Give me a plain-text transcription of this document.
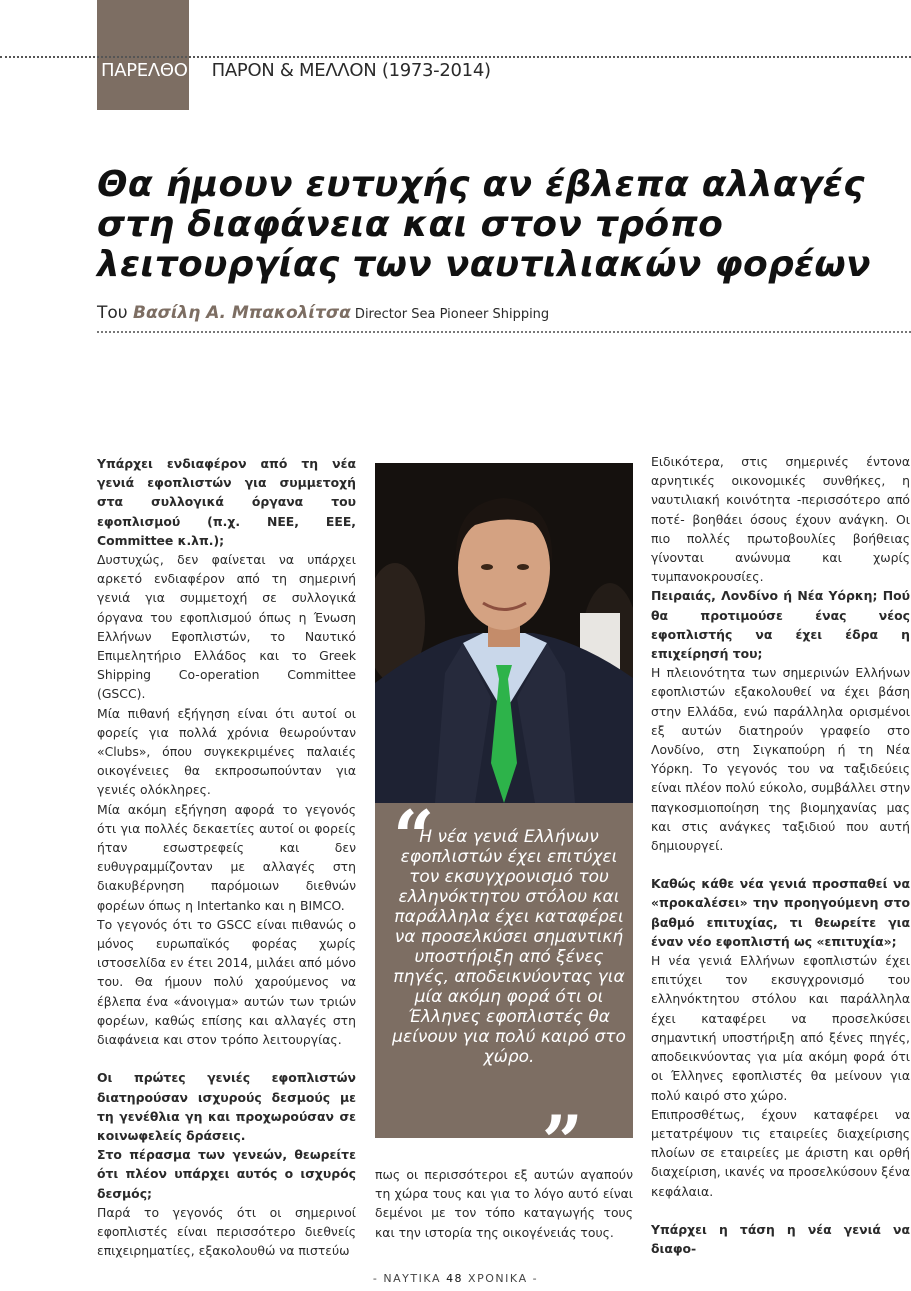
ΠΑΡΕΛΘΟΝ, ΠΑΡΟΝ & ΜΕΛΛΟΝ (1973-2014)
Θα ήμουν ευτυχής αν έβλεπα αλλαγές στη διαφάνεια και στον τρόπο λειτουργίας των ναυτιλιακών φορέων
Του Βασίλη Α. Μπακολίτσα Director Sea Pioneer Shipping

Υπάρχει ενδιαφέρον από τη νέα γενιά εφοπλιστών για συμμετοχή στα συλλογικά όργανα του εφοπλισμού (π.χ. ΝΕΕ, ΕΕΕ, Committee κ.λπ.);

Δυστυχώς, δεν φαίνεται να υπάρχει αρκετό ενδιαφέρον από τη σημερινή γενιά για συμμετοχή σε συλλογικά όργανα του εφοπλισμού όπως η Ένωση Ελλήνων Εφοπλιστών, το Ναυτικό Επιμελητήριο Ελλάδος και το Greek Shipping Co-operation Committee (GSCC).

Μία πιθανή εξήγηση είναι ότι αυτοί οι φορείς για πολλά χρόνια θεωρούνταν «Clubs», όπου συγκεκριμένες παλαιές οικογένειες θα εκπροσωπούνταν για γενιές ολόκληρες.

Μία ακόμη εξήγηση αφορά το γεγονός ότι για πολλές δεκαετίες αυτοί οι φορείς ήταν εσωστρεφείς και δεν ευθυγραμμίζονταν με αλλαγές στη διακυβέρνηση παρόμοιων διεθνών φορέων όπως η Intertanko και η BIMCO.

Το γεγονός ότι το GSCC είναι πιθανώς ο μόνος ευρωπαϊκός φορέας χωρίς ιστοσελίδα εν έτει 2014, μιλάει από μόνο του. Θα ήμουν πολύ χαρούμενος να έβλεπα ένα «άνοιγμα» αυτών των τριών φορέων, καθώς επίσης και αλλαγές στη διαφάνεια και στον τρόπο λειτουργίας.

Οι πρώτες γενιές εφοπλιστών διατηρούσαν ισχυρούς δεσμούς με τη γενέθλια γη και προχωρούσαν σε κοινωφελείς δράσεις.

Στο πέρασμα των γενεών, θεωρείτε ότι πλέον υπάρχει αυτός ο ισχυρός δεσμός;

Παρά το γεγονός ότι οι σημερινοί εφοπλιστές είναι περισσότερο διεθνείς επιχειρηματίες, εξακολουθώ να πιστεύω

“
Η νέα γενιά Ελλήνων εφοπλιστών έχει επιτύχει τον εκσυγχρονισμό του ελληνόκτητου στόλου και παράλληλα έχει καταφέρει να προσελκύσει σημαντική υποστήριξη από ξένες πηγές, αποδεικνύοντας για μία ακόμη φορά ότι οι Έλληνες εφοπλιστές θα μείνουν για πολύ καιρό στο χώρο.
”

πως οι περισσότεροι εξ αυτών αγαπούν τη χώρα τους και για το λόγο αυτό είναι δεμένοι με τον τόπο καταγωγής τους και την ιστορία της οικογένειάς τους.

Ειδικότερα, στις σημερινές έντονα αρνητικές οικονομικές συνθήκες, η ναυτιλιακή κοινότητα -περισσότερο από ποτέ- βοηθάει όσους έχουν ανάγκη. Οι πιο πολλές πρωτοβουλίες βοήθειας γίνονται ανώνυμα και χωρίς τυμπανοκρουσίες.

Πειραιάς, Λονδίνο ή Νέα Υόρκη; Πού θα προτιμούσε ένας νέος εφοπλιστής να έχει έδρα η επιχείρησή του;

Η πλειονότητα των σημερινών Ελλήνων εφοπλιστών εξακολουθεί να έχει βάση στην Ελλάδα, ενώ παράλληλα ορισμένοι εξ αυτών διατηρούν γραφείο στο Λονδίνο, στη Σιγκαπούρη ή τη Νέα Υόρκη. Το γεγονός του να ταξιδεύεις είναι πλέον πολύ εύκολο, συμβάλλει στην παγκοσμιοποίηση της βιομηχανίας μας και στις ανάγκες ταξιδιού που αυτή δημιουργεί.

Καθώς κάθε νέα γενιά προσπαθεί να «προκαλέσει» την προηγούμενη στο βαθμό επιτυχίας, τι θεωρείτε για έναν νέο εφοπλιστή ως «επιτυχία»;

Η νέα γενιά Ελλήνων εφοπλιστών έχει επιτύχει τον εκσυγχρονισμό του ελληνόκτητου στόλου και παράλληλα έχει καταφέρει να προσελκύσει σημαντική υποστήριξη από ξένες πηγές, αποδεικνύοντας για μία ακόμη φορά ότι οι Έλληνες εφοπλιστές θα μείνουν για πολύ καιρό στο χώρο.

Επιπροσθέτως, έχουν καταφέρει να μετατρέψουν τις εταιρείες διαχείρισης πλοίων σε εταιρείες με άριστη και ορθή διαχείριση, ικανές να προσελκύσουν ξένα κεφάλαια.

Υπάρχει η τάση η νέα γενιά να διαφο-

- ΝΑΥΤΙΚΑ 48 ΧΡΟΝΙΚΑ -
